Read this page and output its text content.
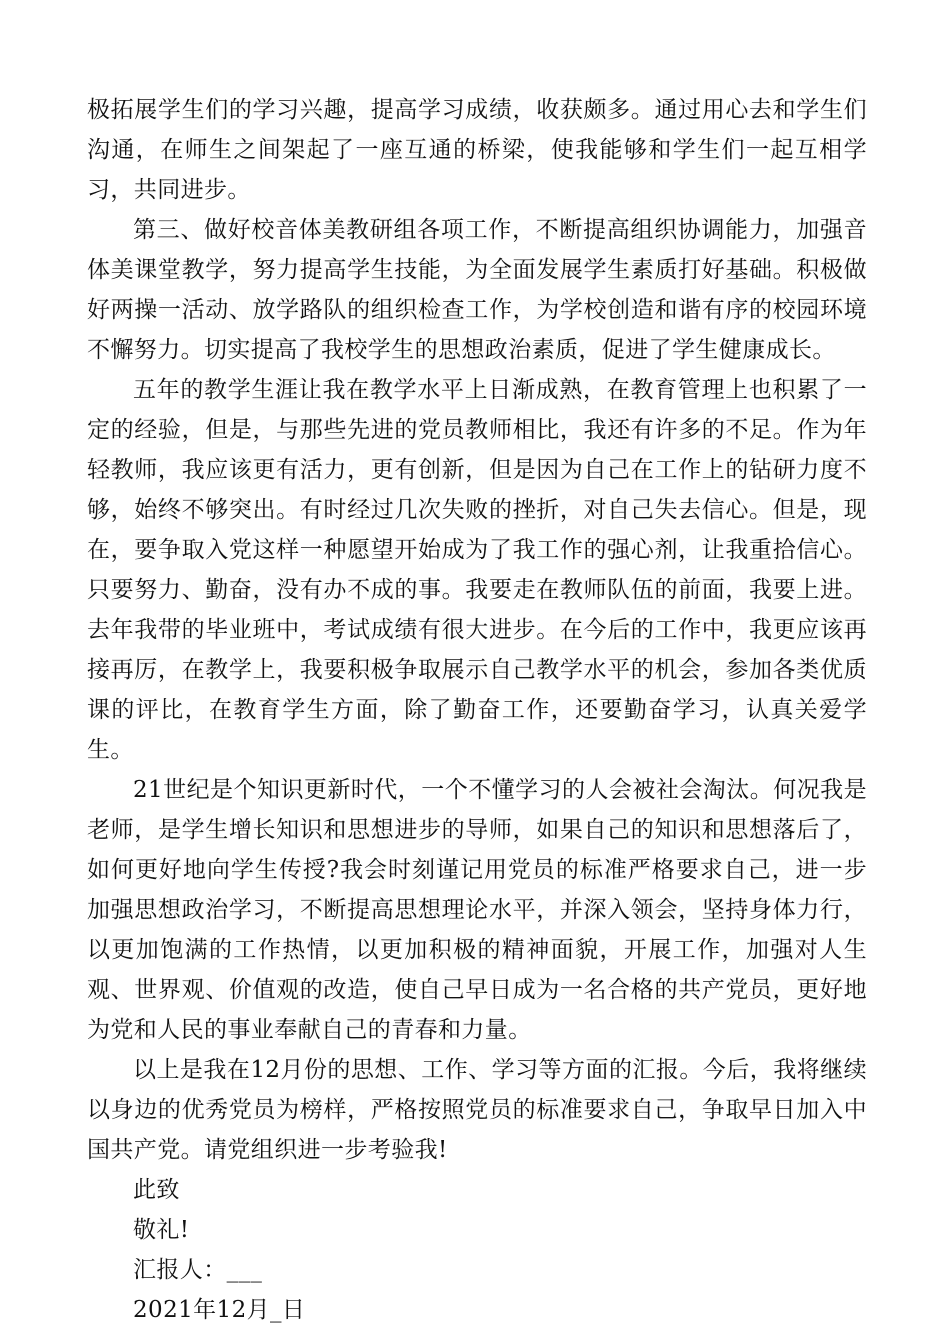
极拓展学生们的学习兴趣，提高学习成绩，收获颇多。通过用心去和学生们沟通，在师生之间架起了一座互通的桥梁，使我能够和学生们一起互相学习，共同进步。

第三、做好校音体美教研组各项工作，不断提高组织协调能力，加强音体美课堂教学，努力提高学生技能，为全面发展学生素质打好基础。积极做好两操一活动、放学路队的组织检查工作，为学校创造和谐有序的校园环境不懈努力。切实提高了我校学生的思想政治素质，促进了学生健康成长。

五年的教学生涯让我在教学水平上日渐成熟，在教育管理上也积累了一定的经验，但是，与那些先进的党员教师相比，我还有许多的不足。作为年轻教师，我应该更有活力，更有创新，但是因为自己在工作上的钻研力度不够，始终不够突出。有时经过几次失败的挫折，对自己失去信心。但是，现在，要争取入党这样一种愿望开始成为了我工作的强心剂，让我重拾信心。只要努力、勤奋，没有办不成的事。我要走在教师队伍的前面，我要上进。去年我带的毕业班中，考试成绩有很大进步。在今后的工作中，我更应该再接再厉，在教学上，我要积极争取展示自己教学水平的机会，参加各类优质课的评比，在教育学生方面，除了勤奋工作，还要勤奋学习，认真关爱学生。

21世纪是个知识更新时代，一个不懂学习的人会被社会淘汰。何况我是老师，是学生增长知识和思想进步的导师，如果自己的知识和思想落后了，如何更好地向学生传授?我会时刻谨记用党员的标准严格要求自己，进一步加强思想政治学习，不断提高思想理论水平，并深入领会，坚持身体力行，以更加饱满的工作热情，以更加积极的精神面貌，开展工作，加强对人生观、世界观、价值观的改造，使自己早日成为一名合格的共产党员，更好地为党和人民的事业奉献自己的青春和力量。

以上是我在12月份的思想、工作、学习等方面的汇报。今后，我将继续以身边的优秀党员为榜样，严格按照党员的标准要求自己，争取早日加入中国共产党。请党组织进一步考验我!

此致

敬礼!

汇报人：___

2021年12月_日
